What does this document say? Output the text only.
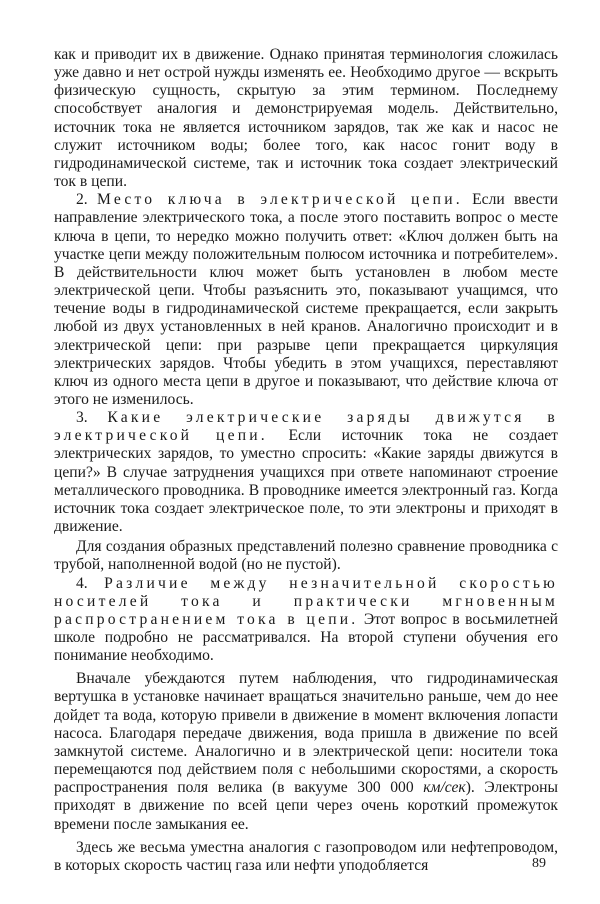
как и приводит их в движение. Однако принятая терминология сложилась уже давно и нет острой нужды изменять ее. Необходимо другое — вскрыть физическую сущность, скрытую за этим термином. Последнему способствует аналогия и демонстрируемая модель. Действительно, источник тока не является источником зарядов, так же как и насос не служит источником воды; более того, как насос гонит воду в гидродинамической системе, так и источник тока создает электрический ток в цепи.

2. Место ключа в электрической цепи. Если ввести направление электрического тока, а после этого поставить вопрос о месте ключа в цепи, то нередко можно получить ответ: «Ключ должен быть на участке цепи между положительным полюсом источника и потребителем». В действительности ключ может быть установлен в любом месте электрической цепи. Чтобы разъяснить это, показывают учащимся, что течение воды в гидродинамической системе прекращается, если закрыть любой из двух установленных в ней кранов. Аналогично происходит и в электрической цепи: при разрыве цепи прекращается циркуляция электрических зарядов. Чтобы убедить в этом учащихся, переставляют ключ из одного места цепи в другое и показывают, что действие ключа от этого не изменилось.

3. Какие электрические заряды движутся в электрической цепи. Если источник тока не создает электрических зарядов, то уместно спросить: «Какие заряды движутся в цепи?» В случае затруднения учащихся при ответе напоминают строение металлического проводника. В проводнике имеется электронный газ. Когда источник тока создает электрическое поле, то эти электроны и приходят в движение.

Для создания образных представлений полезно сравнение проводника с трубой, наполненной водой (но не пустой).

4. Различие между незначительной скоростью носителей тока и практически мгновенным распространением тока в цепи. Этот вопрос в восьмилетней школе подробно не рассматривался. На второй ступени обучения его понимание необходимо.

Вначале убеждаются путем наблюдения, что гидродинамическая вертушка в установке начинает вращаться значительно раньше, чем до нее дойдет та вода, которую привели в движение в момент включения лопасти насоса. Благодаря передаче движения, вода пришла в движение по всей замкнутой системе. Аналогично и в электрической цепи: носители тока перемещаются под действием поля с небольшими скоростями, а скорость распространения поля велика (в вакууме 300 000 км/сек). Электроны приходят в движение по всей цепи через очень короткий промежуток времени после замыкания ее.

Здесь же весьма уместна аналогия с газопроводом или нефтепроводом, в которых скорость частиц газа или нефти уподобляется	89
